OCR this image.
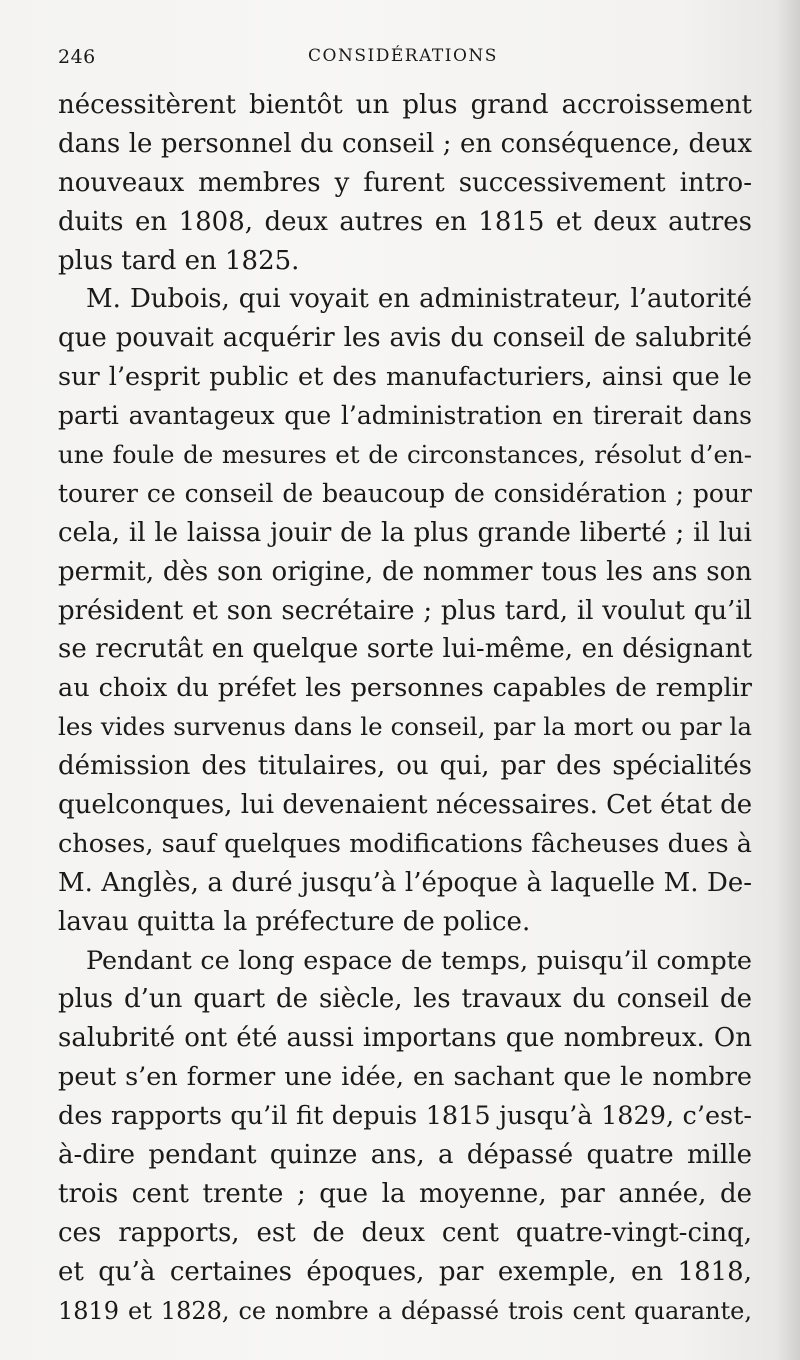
246	CONSIDÉRATIONS
nécessitèrent bientôt un plus grand accroissement
dans le personnel du conseil ; en conséquence, deux
nouveaux membres y furent successivement intro-
duits en 1808, deux autres en 1815 et deux autres
plus tard en 1825.
M. Dubois, qui voyait en administrateur, l’autorité
que pouvait acquérir les avis du conseil de salubrité
sur l’esprit public et des manufacturiers, ainsi que le
parti avantageux que l’administration en tirerait dans
une foule de mesures et de circonstances, résolut d’en-
tourer ce conseil de beaucoup de considération ; pour
cela, il le laissa jouir de la plus grande liberté ; il lui
permit, dès son origine, de nommer tous les ans son
président et son secrétaire ; plus tard, il voulut qu’il
se recrutât en quelque sorte lui-même, en désignant
au choix du préfet les personnes capables de remplir
les vides survenus dans le conseil, par la mort ou par la
démission des titulaires, ou qui, par des spécialités
quelconques, lui devenaient nécessaires. Cet état de
choses, sauf quelques modifications fâcheuses dues à
M. Anglès, a duré jusqu’à l’époque à laquelle M. De-
lavau quitta la préfecture de police.
Pendant ce long espace de temps, puisqu’il compte
plus d’un quart de siècle, les travaux du conseil de
salubrité ont été aussi importans que nombreux. On
peut s’en former une idée, en sachant que le nombre
des rapports qu’il fit depuis 1815 jusqu’à 1829, c’est-
à-dire pendant quinze ans, a dépassé quatre mille
trois cent trente ; que la moyenne, par année, de
ces rapports, est de deux cent quatre-vingt-cinq,
et qu’à certaines époques, par exemple, en 1818,
1819 et 1828, ce nombre a dépassé trois cent quarante,
